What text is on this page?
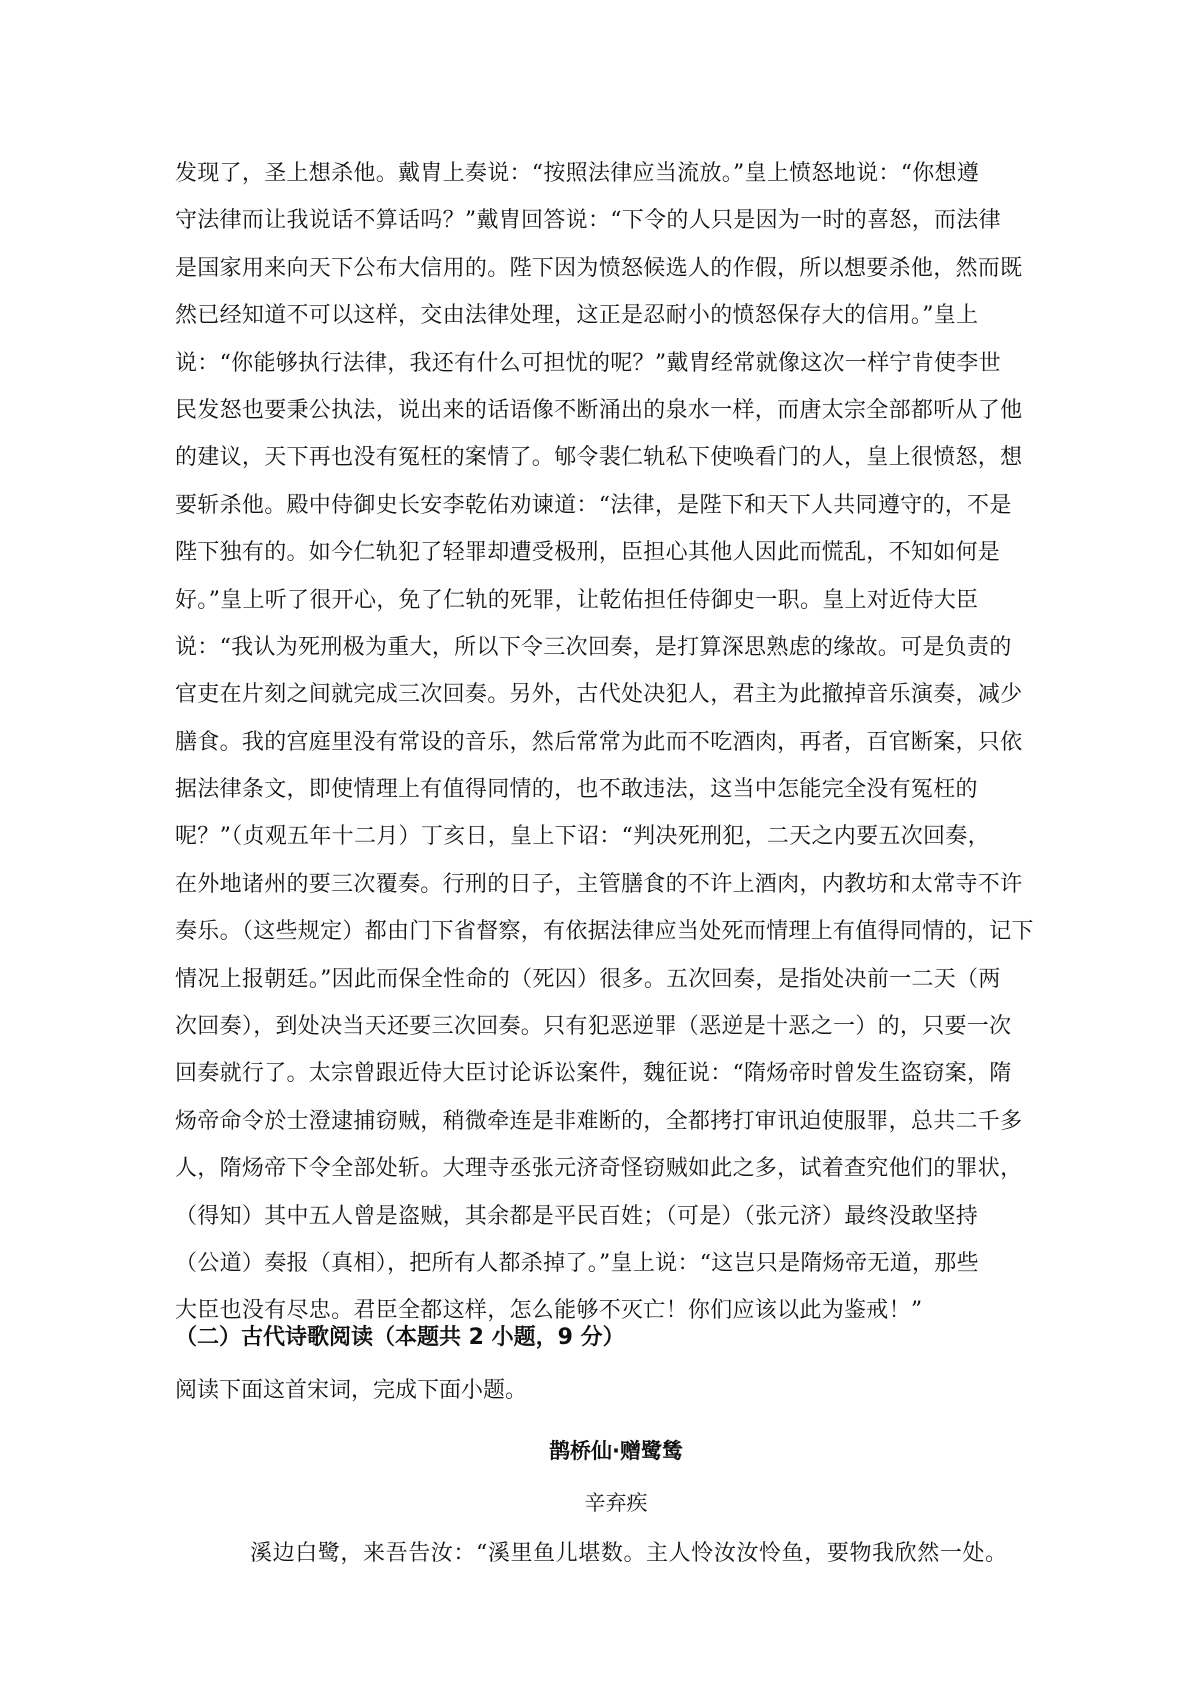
发现了，圣上想杀他。戴胄上奏说：“按照法律应当流放。”皇上愤怒地说：“你想遵
守法律而让我说话不算话吗？”戴胄回答说：“下令的人只是因为一时的喜怒，而法律
是国家用来向天下公布大信用的。陛下因为愤怒候选人的作假，所以想要杀他，然而既
然已经知道不可以这样，交由法律处理，这正是忍耐小的愤怒保存大的信用。”皇上
说：“你能够执行法律，我还有什么可担忧的呢？”戴胄经常就像这次一样宁肯使李世
民发怒也要秉公执法，说出来的话语像不断涌出的泉水一样，而唐太宗全部都听从了他
的建议，天下再也没有冤枉的案情了。郇令裴仁轨私下使唤看门的人，皇上很愤怒，想
要斩杀他。殿中侍御史长安李乾佑劝谏道：“法律，是陛下和天下人共同遵守的，不是
陛下独有的。如今仁轨犯了轻罪却遭受极刑，臣担心其他人因此而慌乱，不知如何是
好。”皇上听了很开心，免了仁轨的死罪，让乾佑担任侍御史一职。皇上对近侍大臣
说：“我认为死刑极为重大，所以下令三次回奏，是打算深思熟虑的缘故。可是负责的
官吏在片刻之间就完成三次回奏。另外，古代处决犯人，君主为此撤掉音乐演奏，减少
膳食。我的宫庭里没有常设的音乐，然后常常为此而不吃酒肉，再者，百官断案，只依
据法律条文，即使情理上有值得同情的，也不敢违法，这当中怎能完全没有冤枉的
呢？”（贞观五年十二月）丁亥日，皇上下诏：“判决死刑犯，二天之内要五次回奏，
在外地诸州的要三次覆奏。行刑的日子，主管膳食的不许上酒肉，内教坊和太常寺不许
奏乐。（这些规定）都由门下省督察，有依据法律应当处死而情理上有值得同情的，记下
情况上报朝廷。”因此而保全性命的（死囚）很多。五次回奏，是指处决前一二天（两
次回奏），到处决当天还要三次回奏。只有犯恶逆罪（恶逆是十恶之一）的，只要一次
回奏就行了。太宗曾跟近侍大臣讨论诉讼案件，魏征说：“隋炀帝时曾发生盗窃案，隋
炀帝命令於士澄逮捕窃贼，稍微牵连是非难断的，全都拷打审讯迫使服罪，总共二千多
人，隋炀帝下令全部处斩。大理寺丞张元济奇怪窃贼如此之多，试着查究他们的罪状，
（得知）其中五人曾是盗贼，其余都是平民百姓；（可是）（张元济）最终没敢坚持
（公道）奏报（真相），把所有人都杀掉了。”皇上说：“这岂只是隋炀帝无道，那些
大臣也没有尽忠。君臣全都这样，怎么能够不灭亡！你们应该以此为鉴戒！”
（二）古代诗歌阅读（本题共 2 小题，9 分）
阅读下面这首宋词，完成下面小题。
鹊桥仙·赠鹭鸶
辛弃疾
溪边白鹭，来吾告汝：“溪里鱼儿堪数。主人怜汝汝怜鱼，要物我欣然一处。
